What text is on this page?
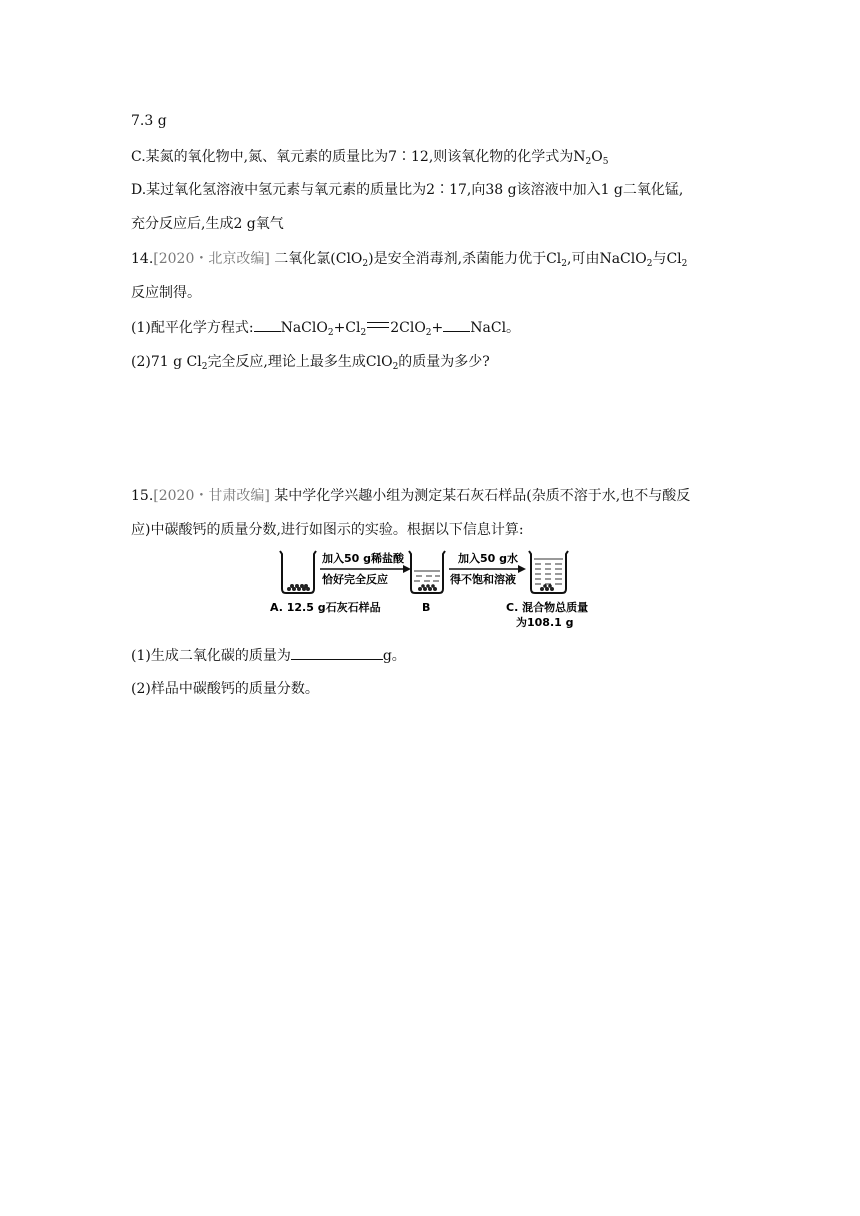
7.3 g
C.某氮的氧化物中,氮、氧元素的质量比为7∶12,则该氧化物的化学式为$N_2O_5$
D.某过氧化氢溶液中氢元素与氧元素的质量比为2∶17,向38 g该溶液中加入1 g二氧化锰,
充分反应后,生成2 g氧气
14.[2020・北京改编] 二氧化氯(ClO$_2$)是安全消毒剂,杀菌能力优于$Cl_2$,可由NaClO$_2$与$Cl_2$
反应制得。
(1)配平化学方程式: $NaClO_2+Cl_2$ 2ClO$_2$+ NaCl。
(2)71 g $Cl_2$完全反应,理论上最多生成ClO$_2$的质量为多少?
15.[2020・甘肃改编] 某中学化学兴趣小组为测定某石灰石样品(杂质不溶于水,也不与酸反
应)中碳酸钙的质量分数,进行如图示的实验。根据以下信息计算:
加入50 g稀盐酸
恰好完全反应
加入50 g水
得不饱和溶液
A. 12.5 g石灰石样品	B	C. 混合物总质量
为108.1 g
(1)生成二氧化碳的质量为	g。
(2)样品中碳酸钙的质量分数。
